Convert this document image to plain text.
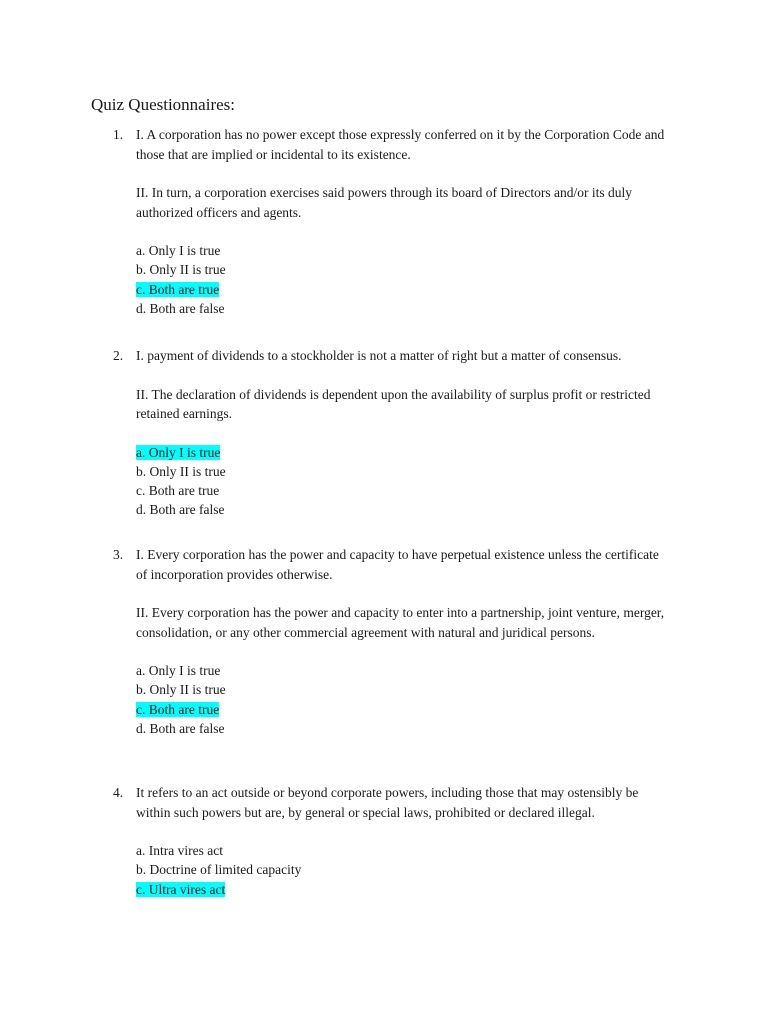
Quiz Questionnaires:
1. I. A corporation has no power except those expressly conferred on it by the Corporation Code and those that are implied or incidental to its existence.

II. In turn, a corporation exercises said powers through its board of Directors and/or its duly authorized officers and agents.

a. Only I is true

b. Only II is true

c. Both are true

d. Both are false

2. I. payment of dividends to a stockholder is not a matter of right but a matter of consensus.

II. The declaration of dividends is dependent upon the availability of surplus profit or restricted retained earnings.

a. Only I is true

b. Only II is true

c. Both are true

d. Both are false

3. I. Every corporation has the power and capacity to have perpetual existence unless the certificate of incorporation provides otherwise.

II. Every corporation has the power and capacity to enter into a partnership, joint venture, merger, consolidation, or any other commercial agreement with natural and juridical persons.

a. Only I is true

b. Only II is true

c. Both are true

d. Both are false

4. It refers to an act outside or beyond corporate powers, including those that may ostensibly be within such powers but are, by general or special laws, prohibited or declared illegal.

a. Intra vires act

b. Doctrine of limited capacity

c. Ultra vires act
